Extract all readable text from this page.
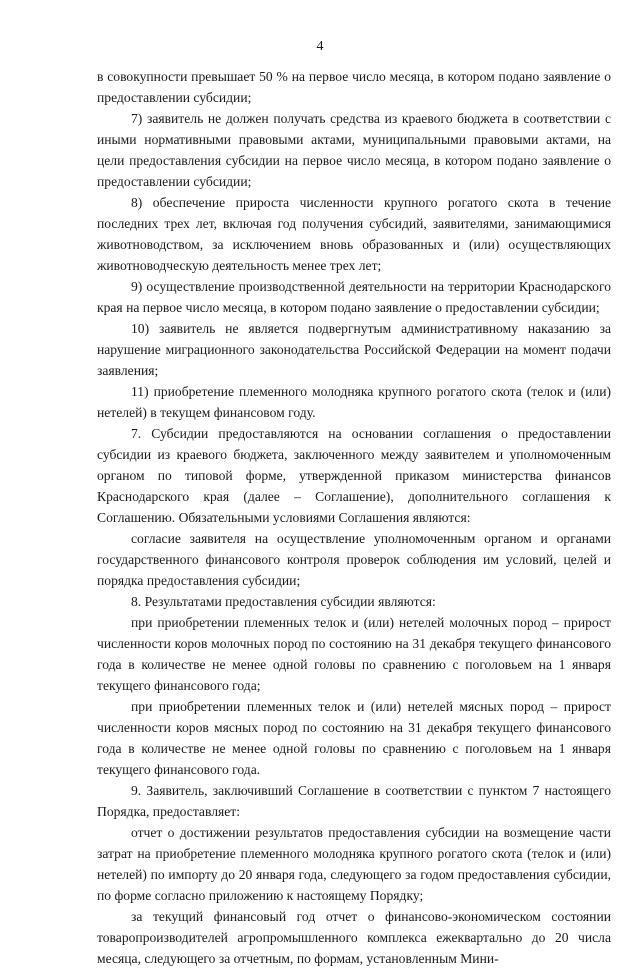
4

в совокупности превышает 50 % на первое число месяца, в котором подано заявление о предоставлении субсидии;

7) заявитель не должен получать средства из краевого бюджета в соответствии с иными нормативными правовыми актами, муниципальными правовыми актами, на цели предоставления субсидии на первое число месяца, в котором подано заявление о предоставлении субсидии;

8) обеспечение прироста численности крупного рогатого скота в течение последних трех лет, включая год получения субсидий, заявителями, занимающимися животноводством, за исключением вновь образованных и (или) осуществляющих животноводческую деятельность менее трех лет;

9) осуществление производственной деятельности на территории Краснодарского края на первое число месяца, в котором подано заявление о предоставлении субсидии;

10) заявитель не является подвергнутым административному наказанию за нарушение миграционного законодательства Российской Федерации на момент подачи заявления;

11) приобретение племенного молодняка крупного рогатого скота (телок и (или) нетелей) в текущем финансовом году.

7. Субсидии предоставляются на основании соглашения о предоставлении субсидии из краевого бюджета, заключенного между заявителем и уполномоченным органом по типовой форме, утвержденной приказом министерства финансов Краснодарского края (далее – Соглашение), дополнительного соглашения к Соглашению. Обязательными условиями Соглашения являются:

согласие заявителя на осуществление уполномоченным органом и органами государственного финансового контроля проверок соблюдения им условий, целей и порядка предоставления субсидии;

8. Результатами предоставления субсидии являются:

при приобретении племенных телок и (или) нетелей молочных пород – прирост численности коров молочных пород по состоянию на 31 декабря текущего финансового года в количестве не менее одной головы по сравнению с поголовьем на 1 января текущего финансового года;

при приобретении племенных телок и (или) нетелей мясных пород – прирост численности коров мясных пород по состоянию на 31 декабря текущего финансового года в количестве не менее одной головы по сравнению с поголовьем на 1 января текущего финансового года.

9. Заявитель, заключивший Соглашение в соответствии с пунктом 7 настоящего Порядка, предоставляет:

отчет о достижении результатов предоставления субсидии на возмещение части затрат на приобретение племенного молодняка крупного рогатого скота (телок и (или) нетелей) по импорту до 20 января года, следующего за годом предоставления субсидии, по форме согласно приложению к настоящему Порядку;

за текущий финансовый год отчет о финансово-экономическом состоянии товаропроизводителей агропромышленного комплекса ежеквартально до 20 числа месяца, следующего за отчетным, по формам, установленным Мини-
